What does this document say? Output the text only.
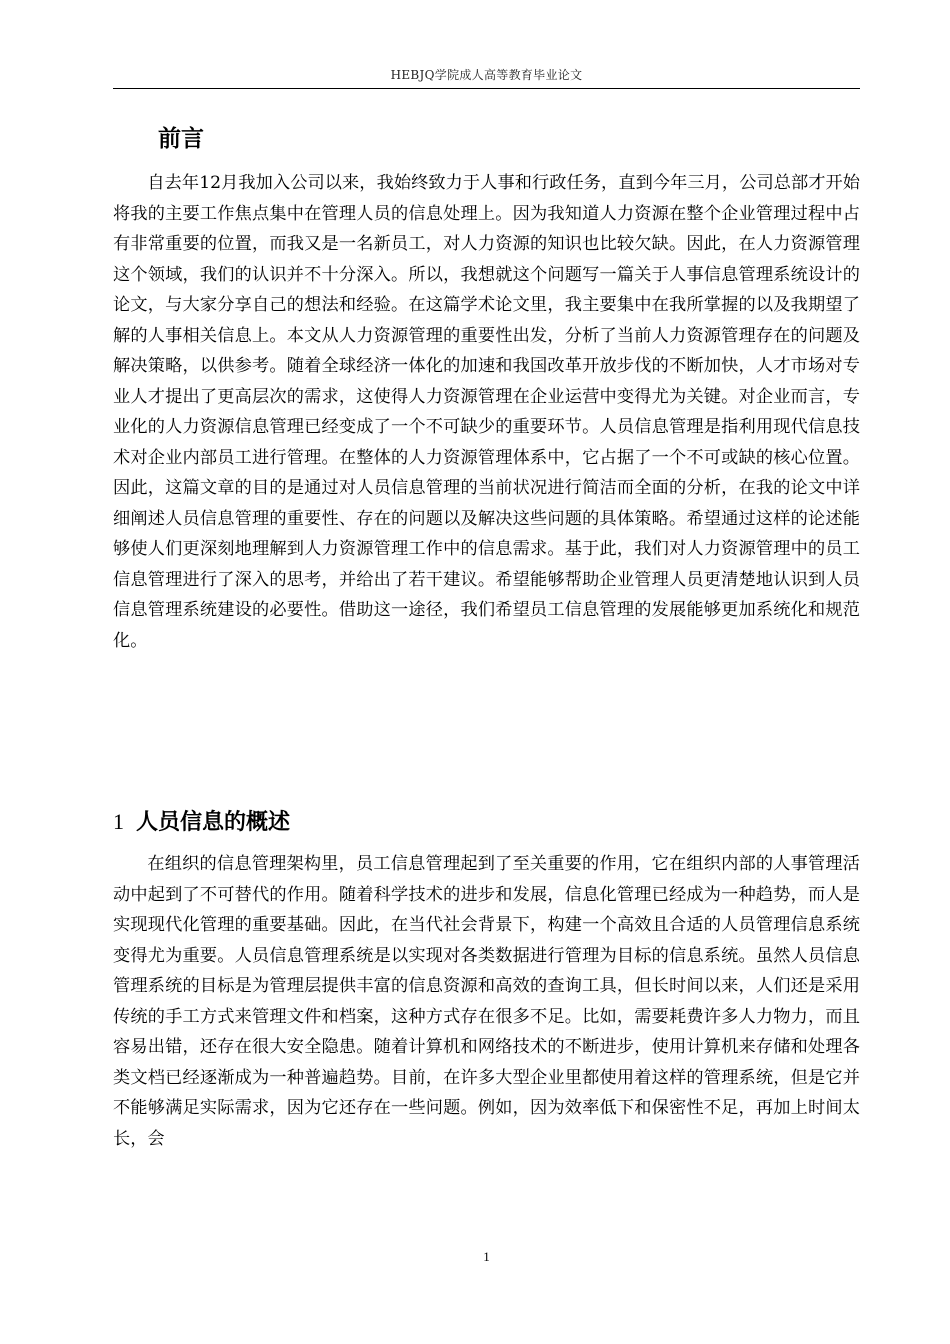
HEBJQ学院成人高等教育毕业论文
前言

自去年12月我加入公司以来，我始终致力于人事和行政任务，直到今年三月，公司总部才开始将我的主要工作焦点集中在管理人员的信息处理上。因为我知道人力资源在整个企业管理过程中占有非常重要的位置，而我又是一名新员工，对人力资源的知识也比较欠缺。因此，在人力资源管理这个领域，我们的认识并不十分深入。所以，我想就这个问题写一篇关于人事信息管理系统设计的论文，与大家分享自己的想法和经验。在这篇学术论文里，我主要集中在我所掌握的以及我期望了解的人事相关信息上。本文从人力资源管理的重要性出发，分析了当前人力资源管理存在的问题及解决策略，以供参考。随着全球经济一体化的加速和我国改革开放步伐的不断加快，人才市场对专业人才提出了更高层次的需求，这使得人力资源管理在企业运营中变得尤为关键。对企业而言，专业化的人力资源信息管理已经变成了一个不可缺少的重要环节。人员信息管理是指利用现代信息技术对企业内部员工进行管理。在整体的人力资源管理体系中，它占据了一个不可或缺的核心位置。因此，这篇文章的目的是通过对人员信息管理的当前状况进行简洁而全面的分析，在我的论文中详细阐述人员信息管理的重要性、存在的问题以及解决这些问题的具体策略。希望通过这样的论述能够使人们更深刻地理解到人力资源管理工作中的信息需求。基于此，我们对人力资源管理中的员工信息管理进行了深入的思考，并给出了若干建议。希望能够帮助企业管理人员更清楚地认识到人员信息管理系统建设的必要性。借助这一途径，我们希望员工信息管理的发展能够更加系统化和规范化。

1 人员信息的概述

在组织的信息管理架构里，员工信息管理起到了至关重要的作用，它在组织内部的人事管理活动中起到了不可替代的作用。随着科学技术的进步和发展，信息化管理已经成为一种趋势，而人是实现现代化管理的重要基础。因此，在当代社会背景下，构建一个高效且合适的人员管理信息系统变得尤为重要。人员信息管理系统是以实现对各类数据进行管理为目标的信息系统。虽然人员信息管理系统的目标是为管理层提供丰富的信息资源和高效的查询工具，但长时间以来，人们还是采用传统的手工方式来管理文件和档案，这种方式存在很多不足。比如，需要耗费许多人力物力，而且容易出错，还存在很大安全隐患。随着计算机和网络技术的不断进步，使用计算机来存储和处理各类文档已经逐渐成为一种普遍趋势。目前，在许多大型企业里都使用着这样的管理系统，但是它并不能够满足实际需求，因为它还存在一些问题。例如，因为效率低下和保密性不足，再加上时间太长，会

1
